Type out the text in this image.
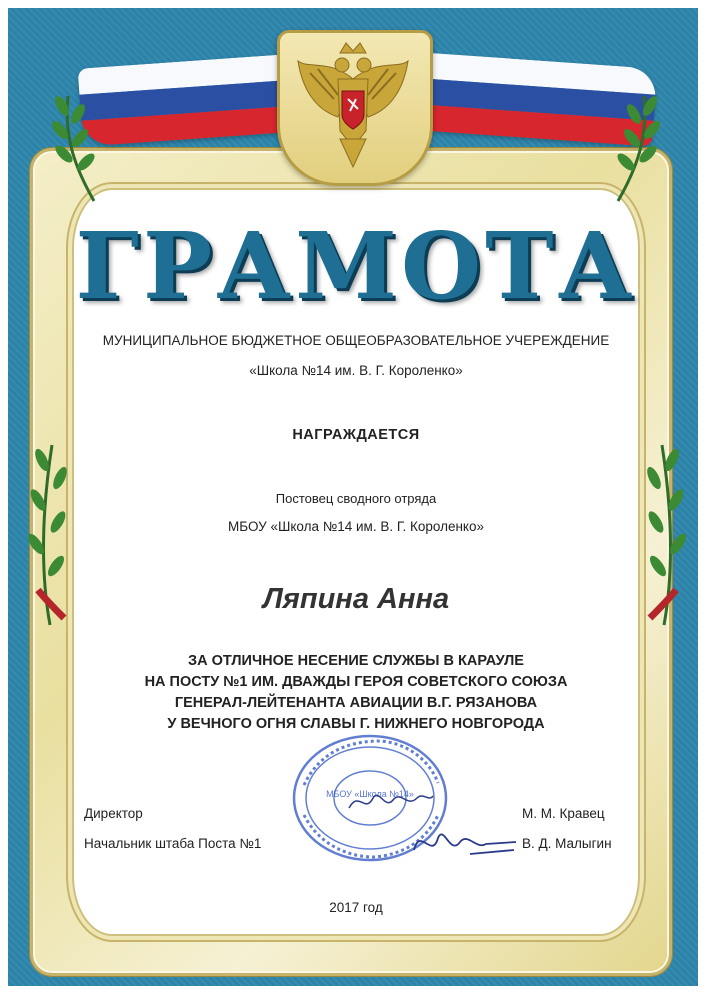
ГРАМОТА
МУНИЦИПАЛЬНОЕ БЮДЖЕТНОЕ ОБЩЕОБРАЗОВАТЕЛЬНОЕ УЧЕРЕЖДЕНИЕ
«Школа №14 им. В. Г. Короленко»
НАГРАЖДАЕТСЯ
Постовец сводного отряда
МБОУ «Школа №14 им. В. Г. Короленко»
Ляпина Анна
ЗА ОТЛИЧНОЕ НЕСЕНИЕ СЛУЖБЫ В КАРАУЛЕ
НА ПОСТУ №1 ИМ. ДВАЖДЫ ГЕРОЯ СОВЕТСКОГО СОЮЗА
ГЕНЕРАЛ-ЛЕЙТЕНАНТА АВИАЦИИ В.Г. РЯЗАНОВА
У ВЕЧНОГО ОГНЯ СЛАВЫ Г. НИЖНЕГО НОВГОРОДА
МБОУ «Школа №14»
Директор	М. М. Кравец
Начальник штаба Поста №1	В. Д. Малыгин
2017 год
